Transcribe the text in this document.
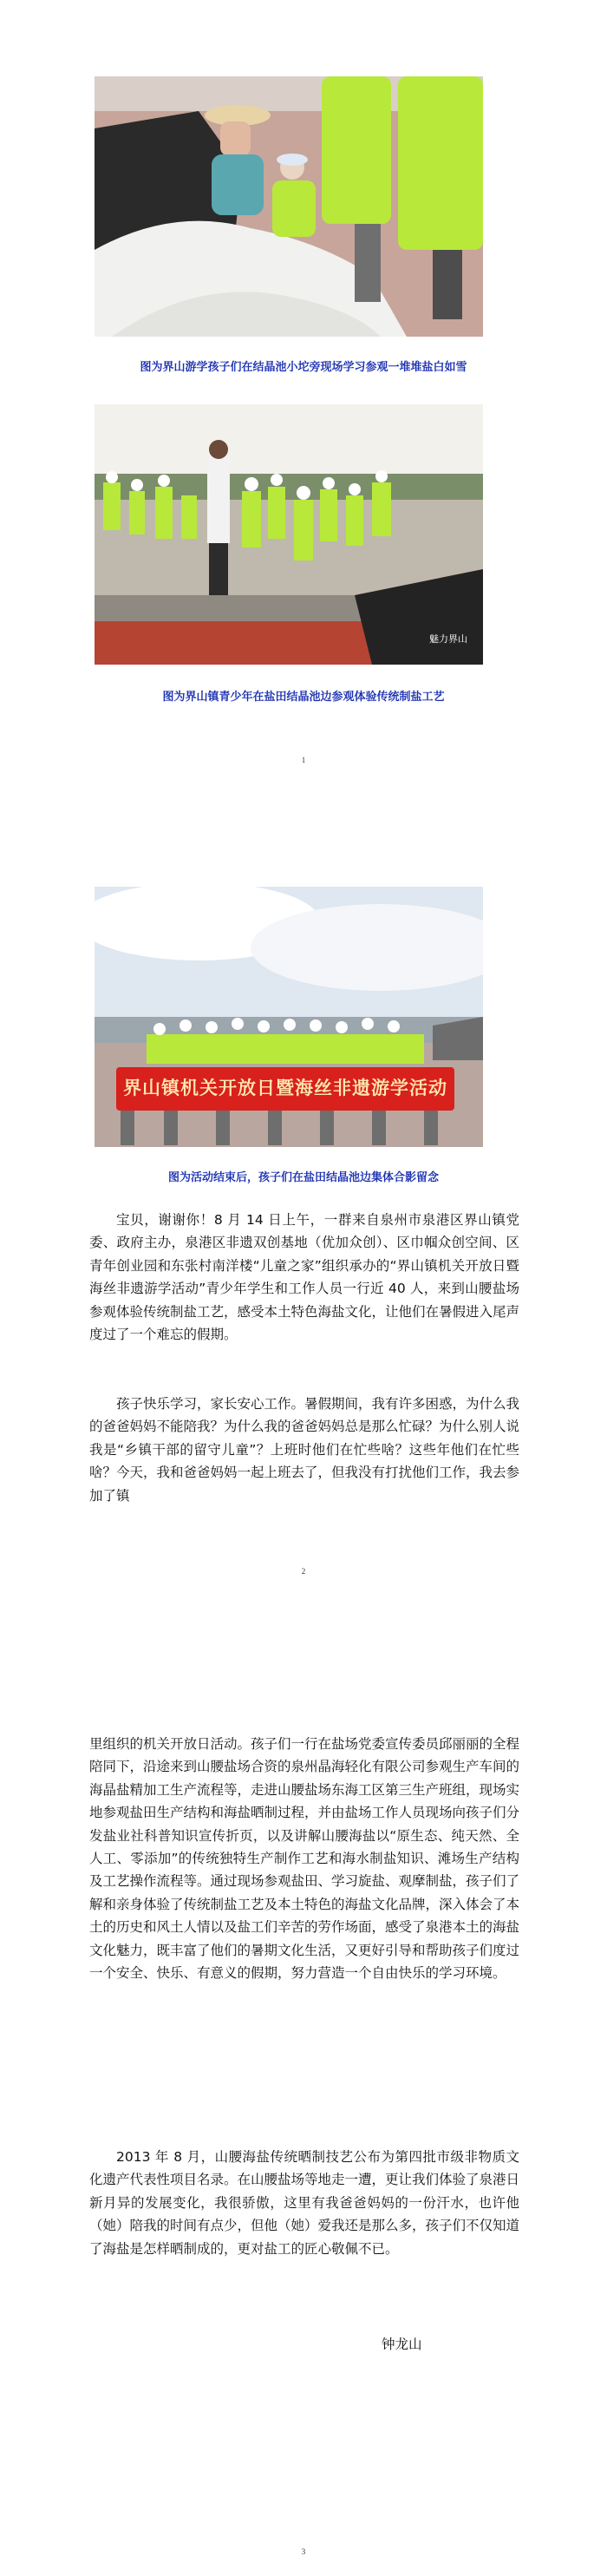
图为界山游学孩子们在结晶池小坨旁现场学习参观一堆堆盐白如雪
魅力界山
图为界山镇青少年在盐田结晶池边参观体验传统制盐工艺
1
界山镇机关开放日暨海丝非遗游学活动
图为活动结束后，孩子们在盐田结晶池边集体合影留念

宝贝，谢谢你！8 月 14 日上午，一群来自泉州市泉港区界山镇党委、政府主办，泉港区非遗双创基地（优加众创）、区巾帼众创空间、区青年创业园和东张村南洋楼“儿童之家”组织承办的“界山镇机关开放日暨海丝非遗游学活动”青少年学生和工作人员一行近 40 人，来到山腰盐场参观体验传统制盐工艺，感受本土特色海盐文化，让他们在暑假进入尾声度过了一个难忘的假期。

孩子快乐学习，家长安心工作。暑假期间，我有许多困惑，为什么我的爸爸妈妈不能陪我？为什么我的爸爸妈妈总是那么忙碌？为什么别人说我是“乡镇干部的留守儿童”？上班时他们在忙些啥？这些年他们在忙些啥？今天，我和爸爸妈妈一起上班去了，但我没有打扰他们工作，我去参加了镇

2

里组织的机关开放日活动。孩子们一行在盐场党委宣传委员邱丽丽的全程陪同下，沿途来到山腰盐场合资的泉州晶海轻化有限公司参观生产车间的海晶盐精加工生产流程等，走进山腰盐场东海工区第三生产班组，现场实地参观盐田生产结构和海盐晒制过程，并由盐场工作人员现场向孩子们分发盐业社科普知识宣传折页，以及讲解山腰海盐以“原生态、纯天然、全人工、零添加”的传统独特生产制作工艺和海水制盐知识、滩场生产结构及工艺操作流程等。通过现场参观盐田、学习旋盐、观摩制盐，孩子们了解和亲身体验了传统制盐工艺及本土特色的海盐文化品牌，深入体会了本土的历史和风土人情以及盐工们辛苦的劳作场面，感受了泉港本土的海盐文化魅力，既丰富了他们的暑期文化生活，又更好引导和帮助孩子们度过一个安全、快乐、有意义的假期，努力营造一个自由快乐的学习环境。

2013 年 8 月，山腰海盐传统晒制技艺公布为第四批市级非物质文化遗产代表性项目名录。在山腰盐场等地走一遭，更让我们体验了泉港日新月异的发展变化，我很骄傲，这里有我爸爸妈妈的一份汗水，也许他（她）陪我的时间有点少，但他（她）爱我还是那么多，孩子们不仅知道了海盐是怎样晒制成的，更对盐工的匠心敬佩不已。

钟龙山
3
